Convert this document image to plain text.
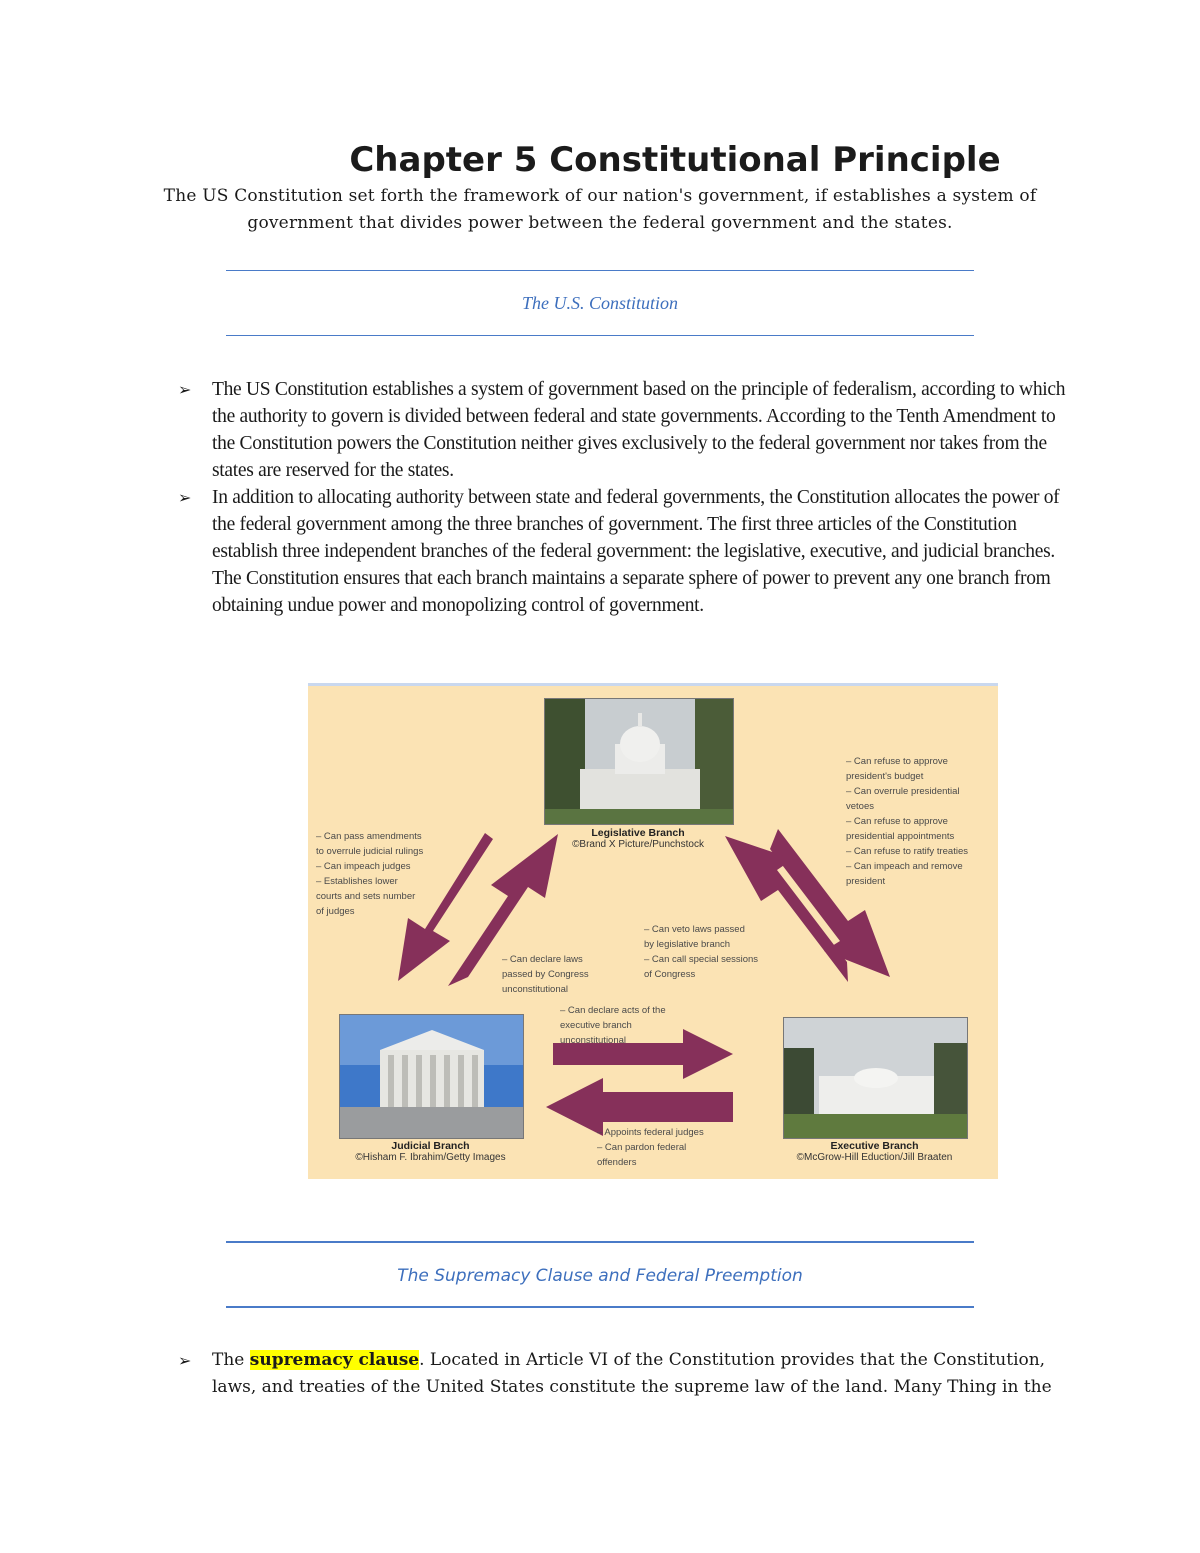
Chapter 5 Constitutional Principle
The US Constitution set forth the framework of our nation's government, if establishes a system of government that divides power between the federal government and the states.
The U.S. Constitution
➢ The US Constitution establishes a system of government based on the principle of federalism, according to which the authority to govern is divided between federal and state governments. According to the Tenth Amendment to the Constitution powers the Constitution neither gives exclusively to the federal government nor takes from the states are reserved for the states.
➢ In addition to allocating authority between state and federal governments, the Constitution allocates the power of the federal government among the three branches of government. The first three articles of the Constitution establish three independent branches of the federal government: the legislative, executive, and judicial branches. The Constitution ensures that each branch maintains a separate sphere of power to prevent any one branch from obtaining undue power and monopolizing control of government.
Legislative Branch
©Brand X Picture/Punchstock
Judicial Branch
©Hisham F. Ibrahim/Getty Images
Executive Branch
©McGrow-Hill Eduction/Jill Braaten
– Can pass amendments
to overrule judicial rulings
– Can impeach judges
– Establishes lower
courts and sets number
of judges
– Can declare laws
passed by Congress
unconstitutional
– Can refuse to approve
president's budget
– Can overrule presidential
vetoes
– Can refuse to approve
presidential appointments
– Can refuse to ratify treaties
– Can impeach and remove
president
– Can veto laws passed
by legislative branch
– Can call special sessions
of Congress
– Can declare acts of the
executive branch
unconstitutional
– Appoints federal judges
– Can pardon federal
offenders
The Supremacy Clause and Federal Preemption
➢ The supremacy clause. Located in Article VI of the Constitution provides that the Constitution, laws, and treaties of the United States constitute the supreme law of the land. Many Thing in the
